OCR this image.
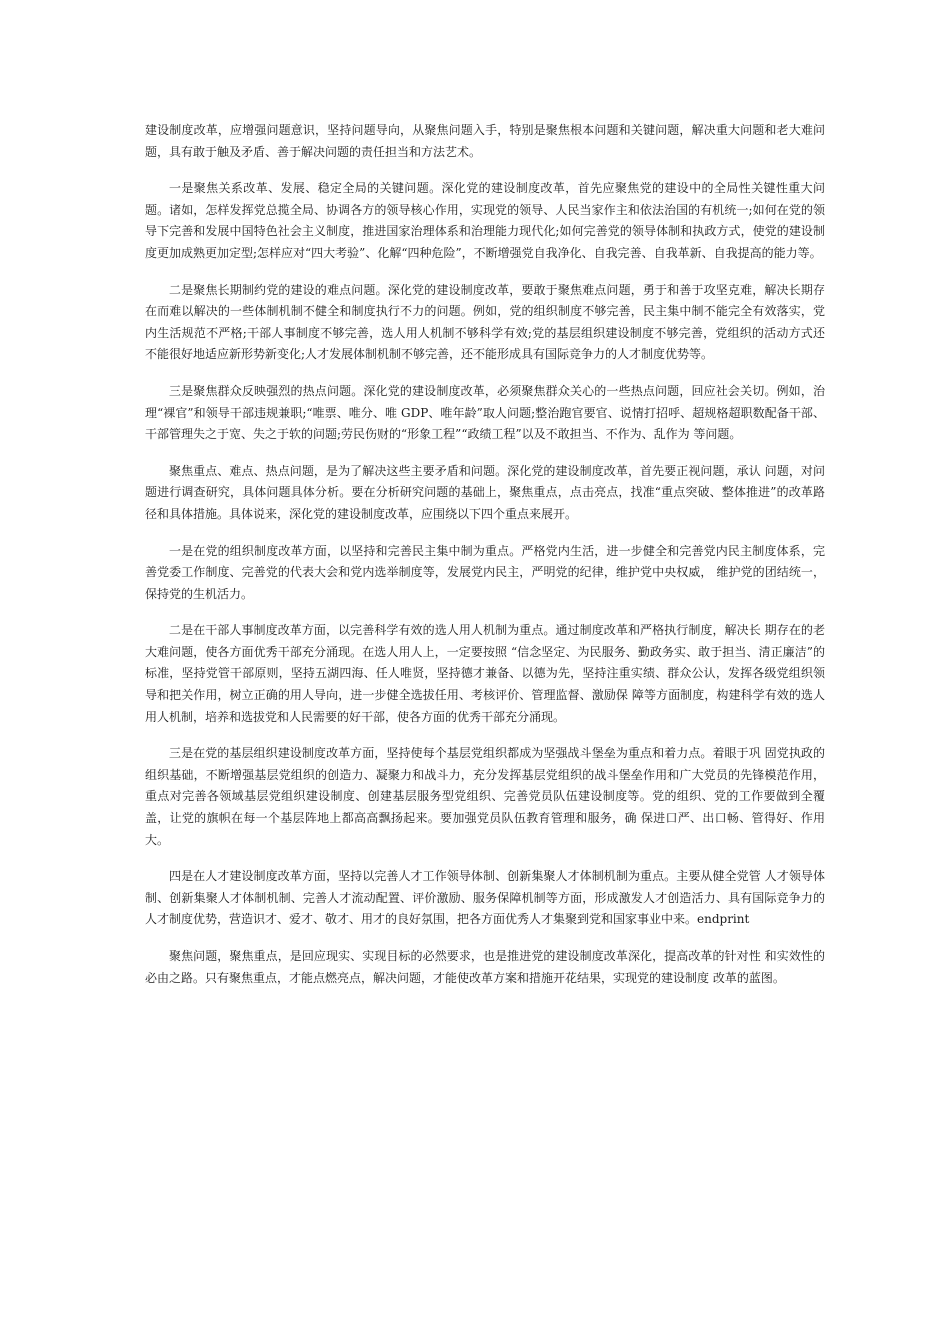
建设制度改革，应增强问题意识，坚持问题导向，从聚焦问题入手，特别是聚焦根本问题和关键问题，解决重大问题和老大难问题，具有敢于触及矛盾、善于解决问题的责任担当和方法艺术。

一是聚焦关系改革、发展、稳定全局的关键问题。深化党的建设制度改革，首先应聚焦党的建设中的全局性关键性重大问题。诸如，怎样发挥党总揽全局、协调各方的领导核心作用，实现党的领导、人民当家作主和依法治国的有机统一;如何在党的领导下完善和发展中国特色社会主义制度，推进国家治理体系和治理能力现代化;如何完善党的领导体制和执政方式，使党的建设制度更加成熟更加定型;怎样应对“四大考验”、化解“四种危险”，不断增强党自我净化、自我完善、自我革新、自我提高的能力等。

二是聚焦长期制约党的建设的难点问题。深化党的建设制度改革，要敢于聚焦难点问题，勇于和善于攻坚克难，解决长期存在而难以解决的一些体制机制不健全和制度执行不力的问题。例如，党的组织制度不够完善，民主集中制不能完全有效落实，党内生活规范不严格;干部人事制度不够完善，选人用人机制不够科学有效;党的基层组织建设制度不够完善，党组织的活动方式还不能很好地适应新形势新变化;人才发展体制机制不够完善，还不能形成具有国际竞争力的人才制度优势等。

三是聚焦群众反映强烈的热点问题。深化党的建设制度改革，必须聚焦群众关心的一些热点问题，回应社会关切。例如，治理“裸官”和领导干部违规兼职;“唯票、唯分、唯 GDP、唯年龄”取人问题;整治跑官要官、说情打招呼、超规格超职数配备干部、干部管理失之于宽、失之于软的问题;劳民伤财的“形象工程”“政绩工程”以及不敢担当、不作为、乱作为 等问题。

聚焦重点、难点、热点问题，是为了解决这些主要矛盾和问题。深化党的建设制度改革，首先要正视问题，承认 问题，对问题进行调查研究，具体问题具体分析。要在分析研究问题的基础上，聚焦重点，点击亮点，找准“重点突破、整体推进”的改革路径和具体措施。具体说来，深化党的建设制度改革，应围绕以下四个重点来展开。

一是在党的组织制度改革方面，以坚持和完善民主集中制为重点。严格党内生活，进一步健全和完善党内民主制度体系，完善党委工作制度、完善党的代表大会和党内选举制度等，发展党内民主，严明党的纪律，维护党中央权威， 维护党的团结统一，保持党的生机活力。

二是在干部人事制度改革方面，以完善科学有效的选人用人机制为重点。通过制度改革和严格执行制度，解决长 期存在的老大难问题，使各方面优秀干部充分涌现。在选人用人上，一定要按照 “信念坚定、为民服务、勤政务实、敢于担当、清正廉洁”的标准，坚持党管干部原则，坚持五湖四海、任人唯贤，坚持德才兼备、以德为先，坚持注重实绩、群众公认，发挥各级党组织领导和把关作用，树立正确的用人导向，进一步健全选拔任用、考核评价、管理监督、激励保 障等方面制度，构建科学有效的选人用人机制，培养和选拔党和人民需要的好干部，使各方面的优秀干部充分涌现。

三是在党的基层组织建设制度改革方面，坚持使每个基层党组织都成为坚强战斗堡垒为重点和着力点。着眼于巩 固党执政的组织基础，不断增强基层党组织的创造力、凝聚力和战斗力，充分发挥基层党组织的战斗堡垒作用和广大党员的先锋模范作用，重点对完善各领域基层党组织建设制度、创建基层服务型党组织、完善党员队伍建设制度等。党的组织、党的工作要做到全覆盖，让党的旗帜在每一个基层阵地上都高高飘扬起来。要加强党员队伍教育管理和服务，确 保进口严、出口畅、管得好、作用大。

四是在人才建设制度改革方面，坚持以完善人才工作领导体制、创新集聚人才体制机制为重点。主要从健全党管 人才领导体制、创新集聚人才体制机制、完善人才流动配置、评价激励、服务保障机制等方面，形成激发人才创造活力、具有国际竞争力的人才制度优势，营造识才、爱才、敬才、用才的良好氛围，把各方面优秀人才集聚到党和国家事业中来。endprint

聚焦问题，聚焦重点，是回应现实、实现目标的必然要求，也是推进党的建设制度改革深化，提高改革的针对性 和实效性的必由之路。只有聚焦重点，才能点燃亮点，解决问题，才能使改革方案和措施开花结果，实现党的建设制度 改革的蓝图。
